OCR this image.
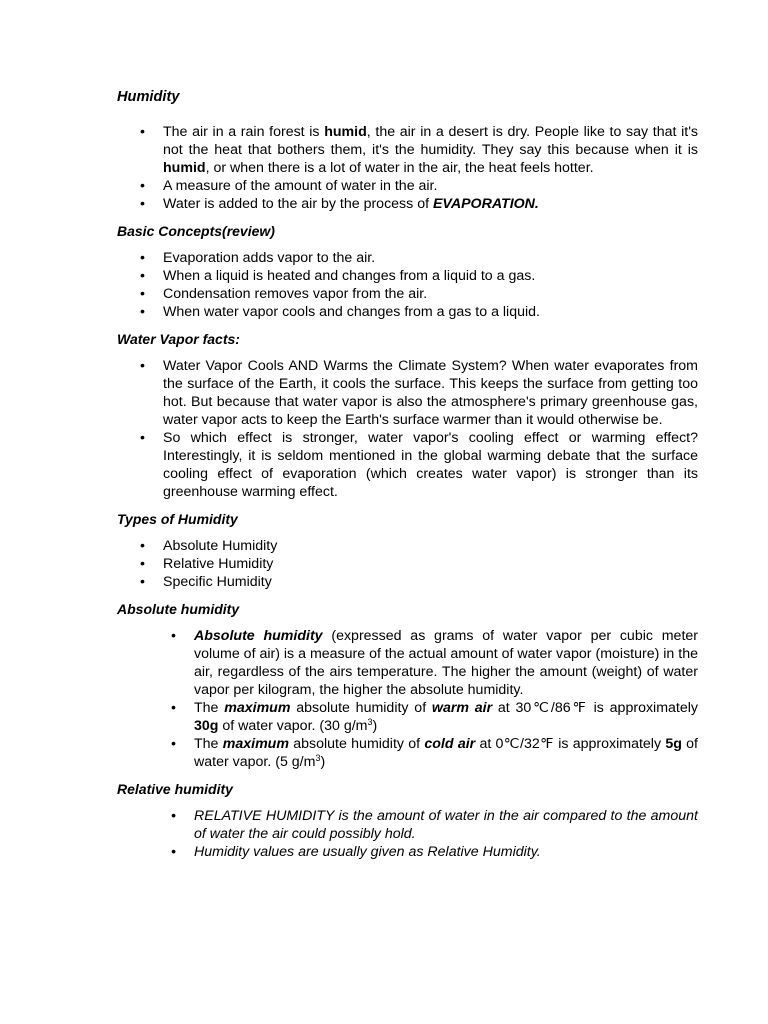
Humidity
• The air in a rain forest is humid, the air in a desert is dry. People like to say that it's not the heat that bothers them, it's the humidity. They say this because when it is humid, or when there is a lot of water in the air, the heat feels hotter.
• A measure of the amount of water in the air.
• Water is added to the air by the process of EVAPORATION.
Basic Concepts(review)
• Evaporation adds vapor to the air.
• When a liquid is heated and changes from a liquid to a gas.
• Condensation removes vapor from the air.
• When water vapor cools and changes from a gas to a liquid.
Water Vapor facts:
• Water Vapor Cools AND Warms the Climate System? When water evaporates from the surface of the Earth, it cools the surface. This keeps the surface from getting too hot. But because that water vapor is also the atmosphere's primary greenhouse gas, water vapor acts to keep the Earth's surface warmer than it would otherwise be.
• So which effect is stronger, water vapor's cooling effect or warming effect? Interestingly, it is seldom mentioned in the global warming debate that the surface cooling effect of evaporation (which creates water vapor) is stronger than its greenhouse warming effect.
Types of Humidity
• Absolute Humidity
• Relative Humidity
• Specific Humidity
Absolute humidity
• Absolute humidity (expressed as grams of water vapor per cubic meter volume of air) is a measure of the actual amount of water vapor (moisture) in the air, regardless of the airs temperature. The higher the amount (weight) of water vapor per kilogram, the higher the absolute humidity.
• The maximum absolute humidity of warm air at 30℃/86℉ is approximately 30g of water vapor. (30 $g/m^3$)
• The maximum absolute humidity of cold air at 0℃/32℉ is approximately 5g of water vapor. (5 $g/m^3$)
Relative humidity
• RELATIVE HUMIDITY is the amount of water in the air compared to the amount of water the air could possibly hold.
• Humidity values are usually given as Relative Humidity.
